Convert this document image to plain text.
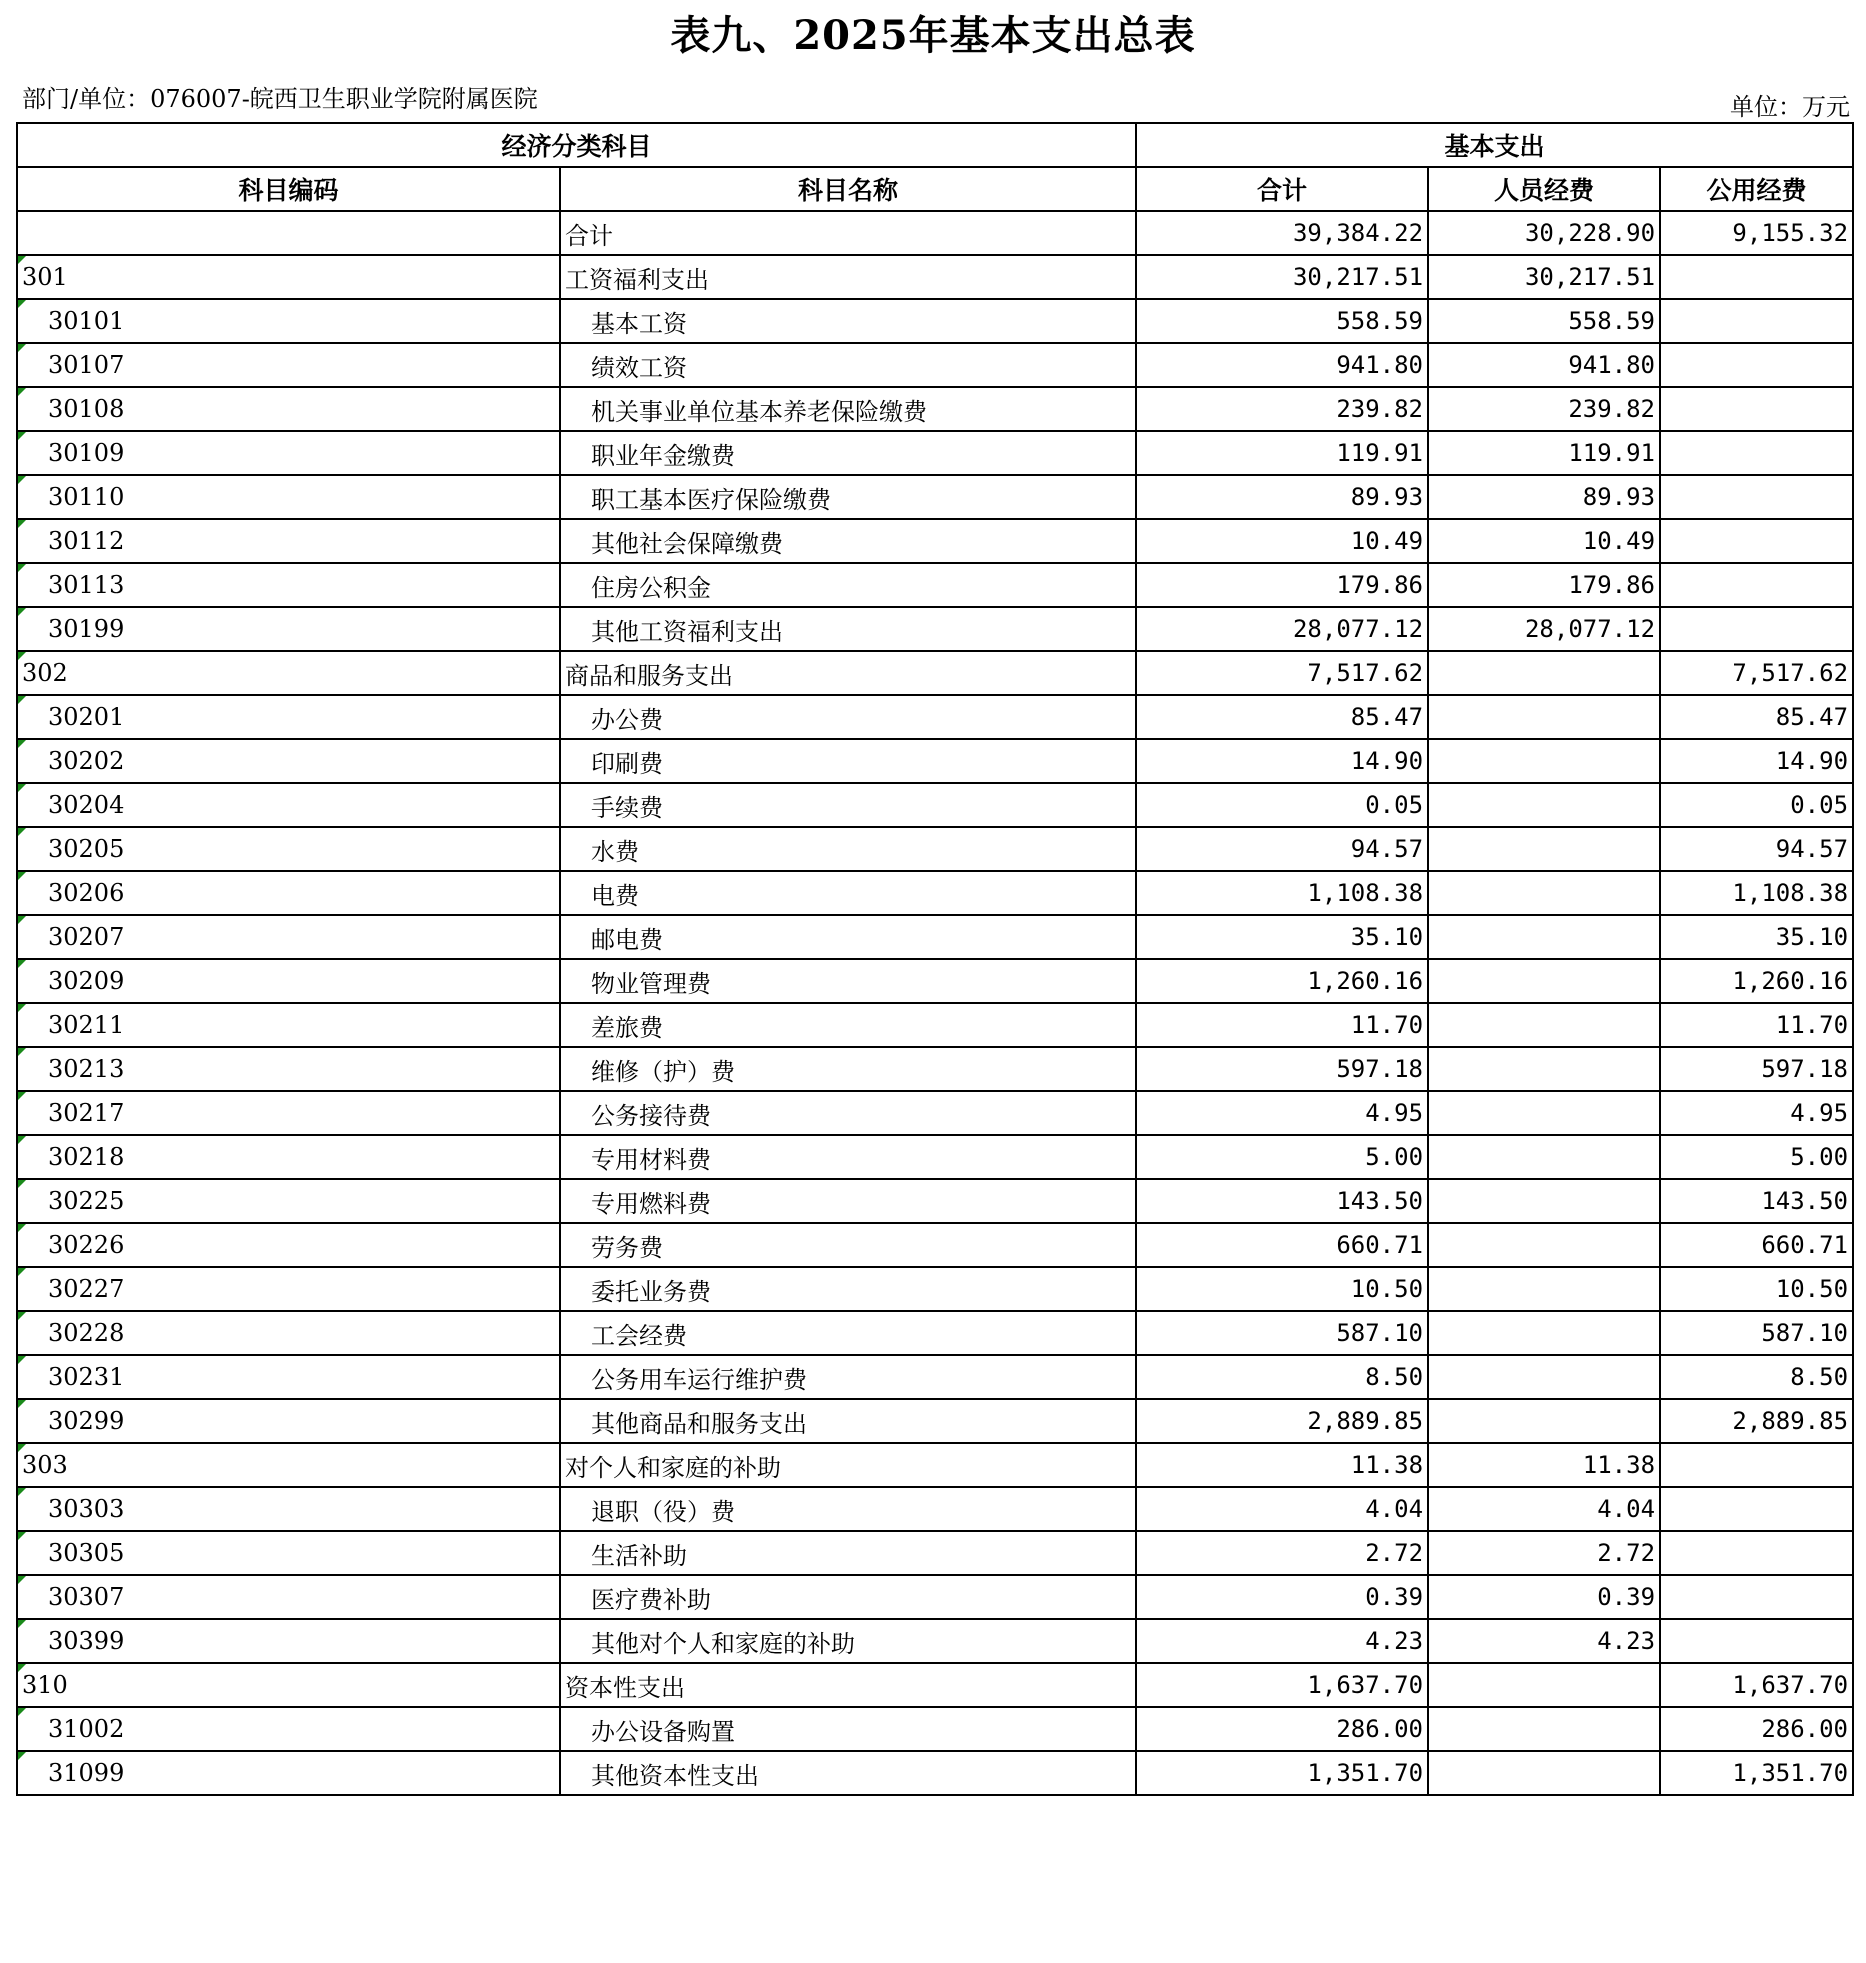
表九、2025年基本支出总表
部门/单位：076007-皖西卫生职业学院附属医院	单位：万元
经济分类科目		基本支出		
科目编码	科目名称	合计	人员经费	公用经费
	合计	39,384.22	30,228.90	9,155.32

301	工资福利支出	30,217.51	30,217.51	

30101	基本工资	558.59	558.59	

30107	绩效工资	941.80	941.80	

30108	机关事业单位基本养老保险缴费	239.82	239.82	

30109	职业年金缴费	119.91	119.91	

30110	职工基本医疗保险缴费	89.93	89.93	

30112	其他社会保障缴费	10.49	10.49	

30113	住房公积金	179.86	179.86	

30199	其他工资福利支出	28,077.12	28,077.12	

302	商品和服务支出	7,517.62		7,517.62

30201	办公费	85.47		85.47

30202	印刷费	14.90		14.90

30204	手续费	0.05		0.05

30205	水费	94.57		94.57

30206	电费	1,108.38		1,108.38

30207	邮电费	35.10		35.10

30209	物业管理费	1,260.16		1,260.16

30211	差旅费	11.70		11.70

30213	维修（护）费	597.18		597.18

30217	公务接待费	4.95		4.95

30218	专用材料费	5.00		5.00

30225	专用燃料费	143.50		143.50

30226	劳务费	660.71		660.71

30227	委托业务费	10.50		10.50

30228	工会经费	587.10		587.10

30231	公务用车运行维护费	8.50		8.50

30299	其他商品和服务支出	2,889.85		2,889.85

303	对个人和家庭的补助	11.38	11.38	

30303	退职（役）费	4.04	4.04	

30305	生活补助	2.72	2.72	

30307	医疗费补助	0.39	0.39	

30399	其他对个人和家庭的补助	4.23	4.23	

310	资本性支出	1,637.70		1,637.70

31002	办公设备购置	286.00		286.00

31099	其他资本性支出	1,351.70		1,351.70
